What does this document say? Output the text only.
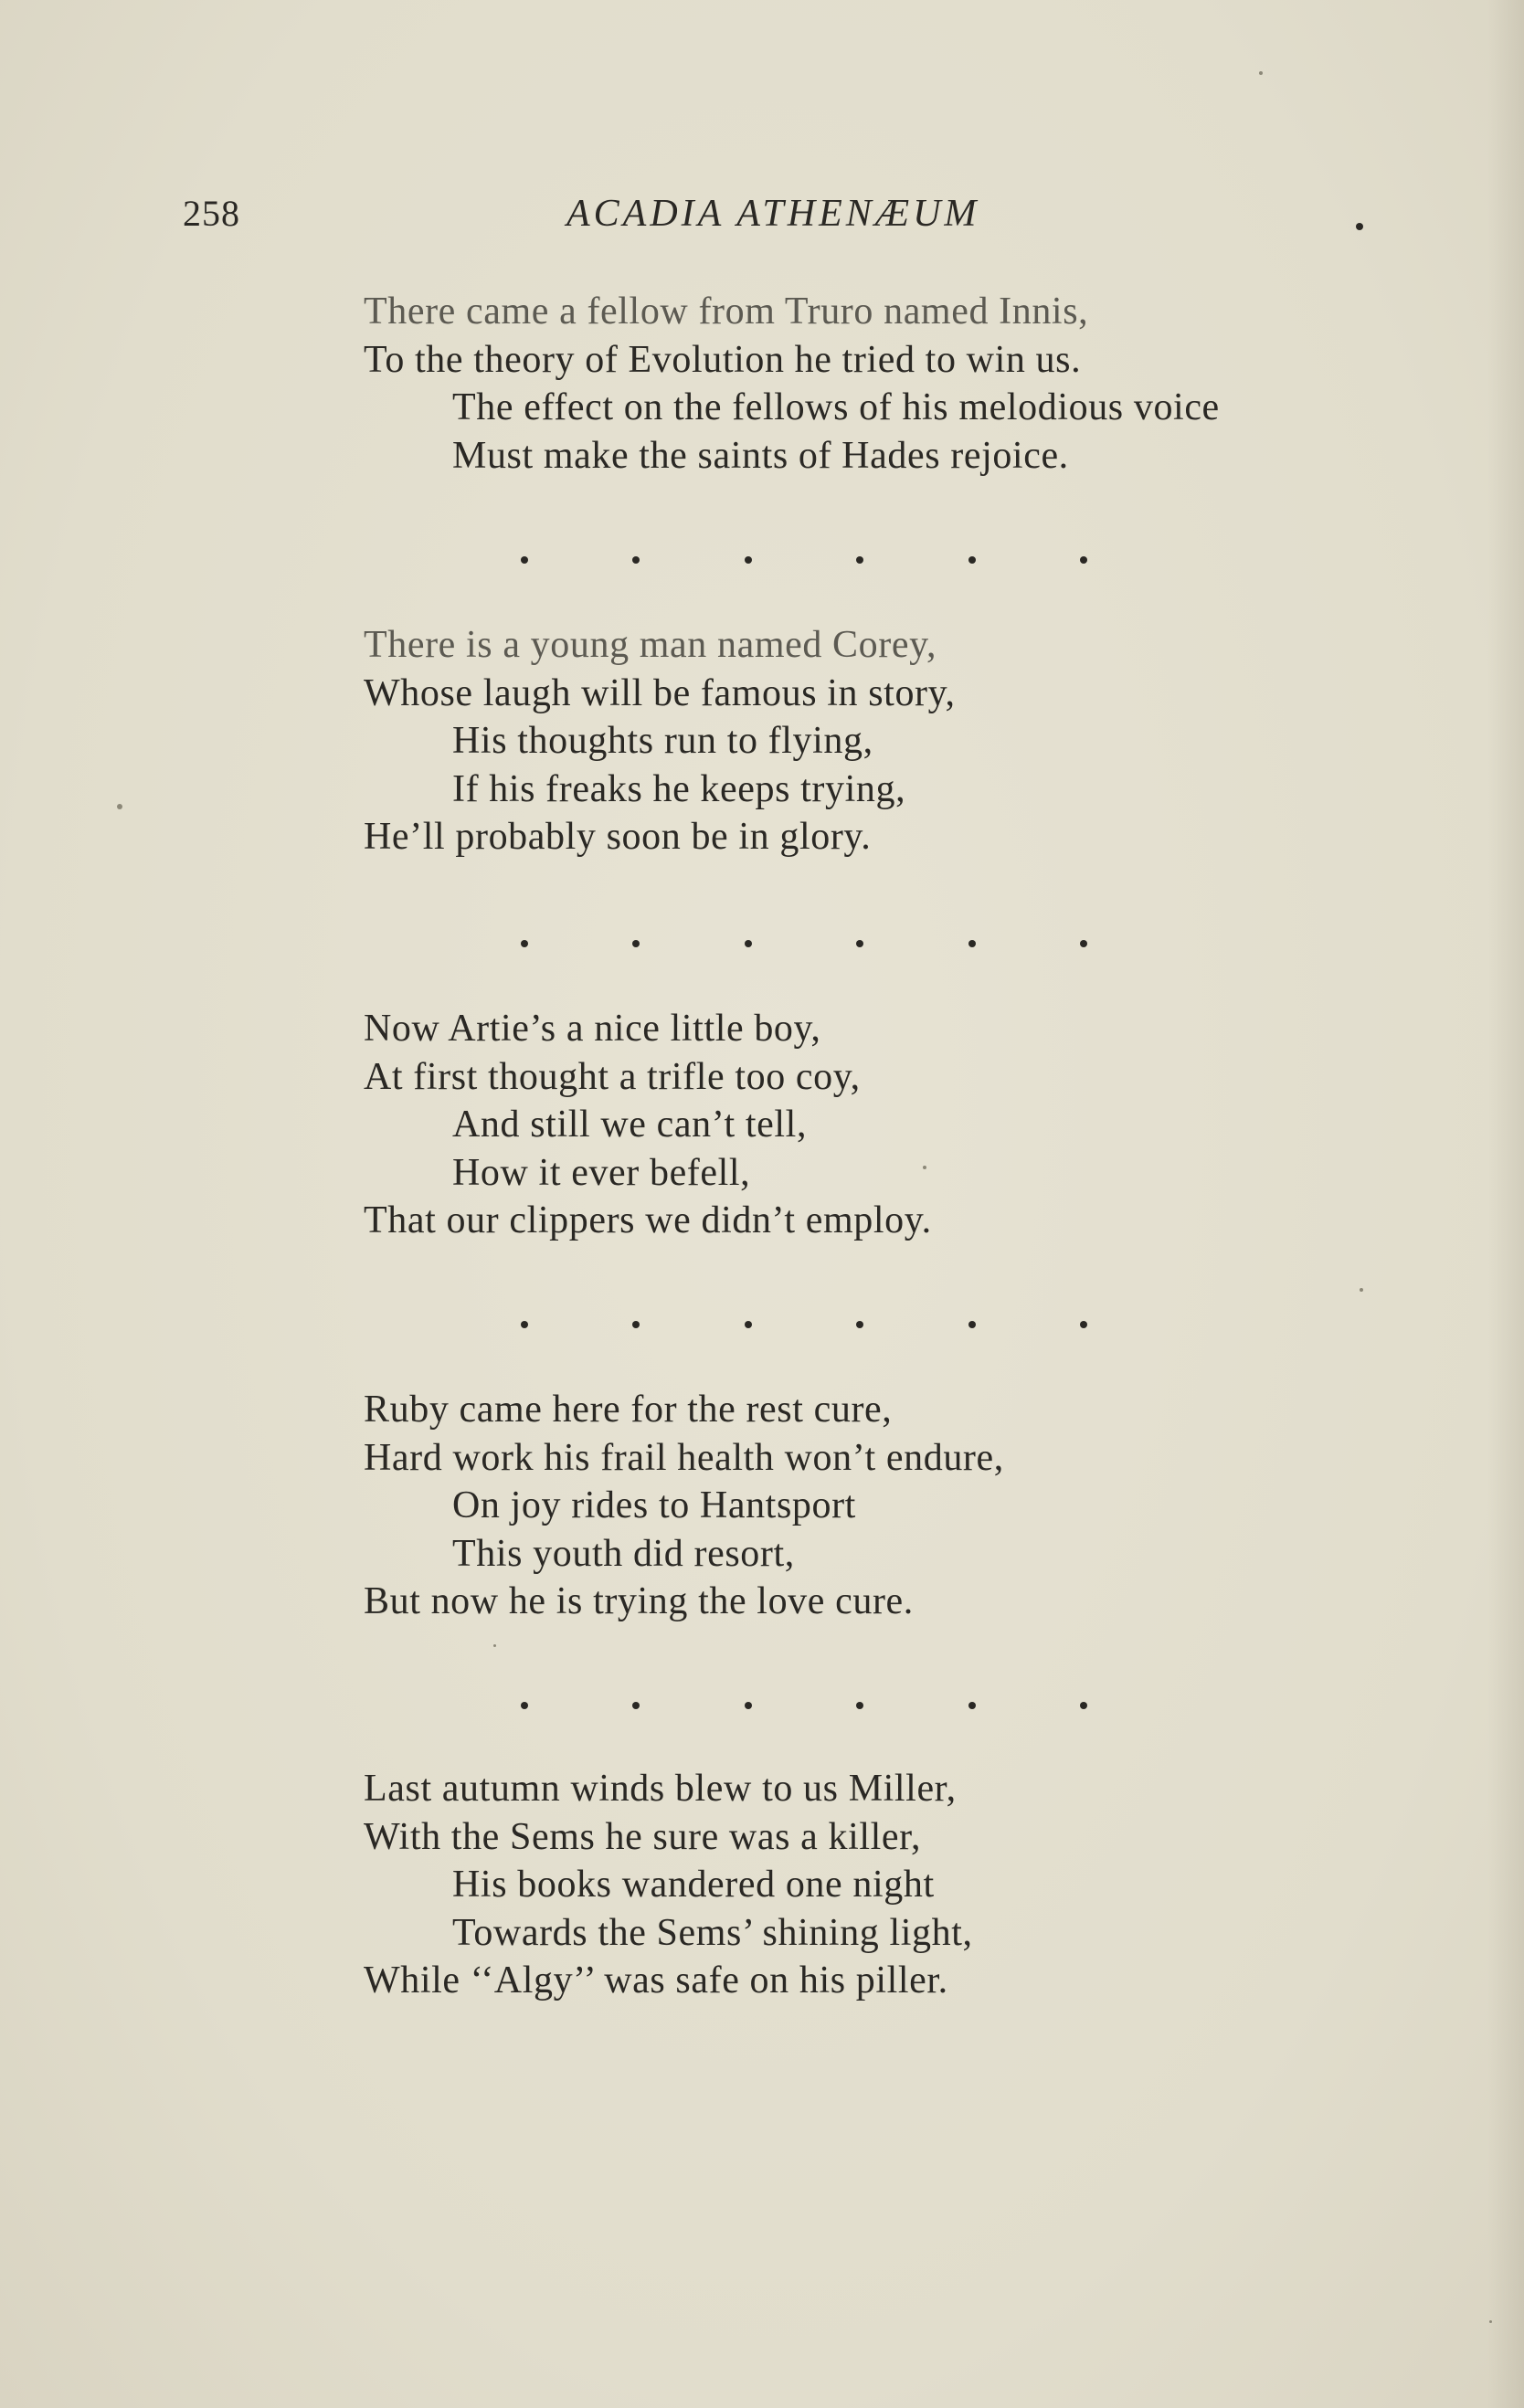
258	ACADIA ATHENÆUM
There came a fellow from Truro named Innis,
To the theory of Evolution he tried to win us.
The effect on the fellows of his melodious voice
Must make the saints of Hades rejoice.
There is a young man named Corey,
Whose laugh will be famous in story,
His thoughts run to flying,
If his freaks he keeps trying,
He’ll probably soon be in glory.
Now Artie’s a nice little boy,
At first thought a trifle too coy,
And still we can’t tell,
How it ever befell,
That our clippers we didn’t employ.
Ruby came here for the rest cure,
Hard work his frail health won’t endure,
On joy rides to Hantsport
This youth did resort,
But now he is trying the love cure.
Last autumn winds blew to us Miller,
With the Sems he sure was a killer,
His books wandered one night
Towards the Sems’ shining light,
While ‘‘Algy’’ was safe on his piller.
